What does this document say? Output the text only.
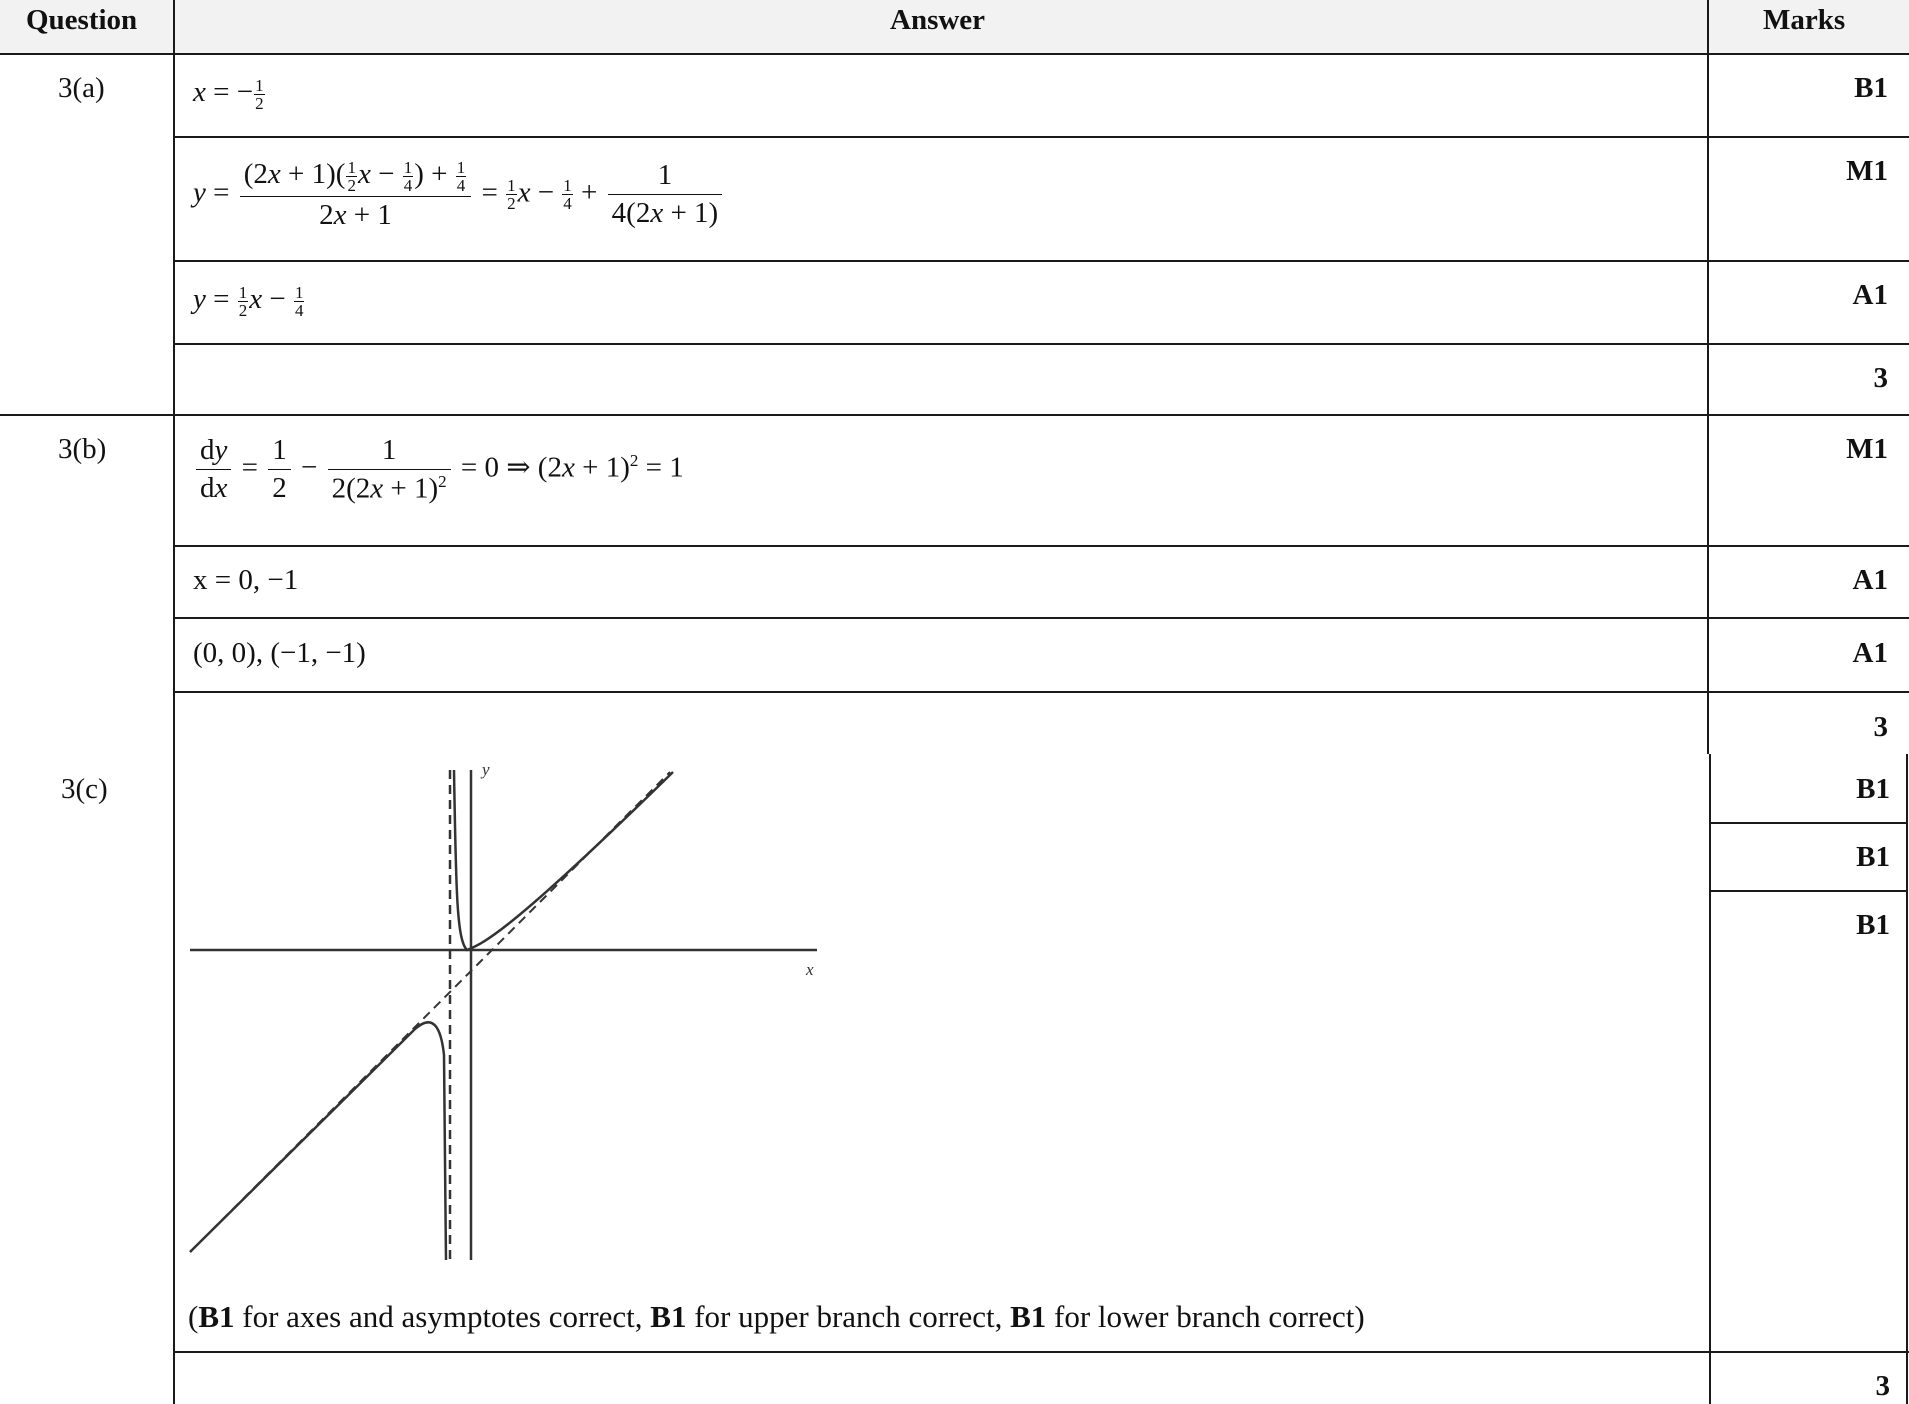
Question	Answer	Marks
3(a)
3(b)
3(c)
B1
M1
A1
3
M1
A1
A1
3
B1
B1
B1
3
x = − $\frac{1}{2}$
$y = \frac{(2x + 1)( \frac{1}{2} x - \frac{1}{4} ) + \frac{1}{4}}{2x + 1} = \frac{1}{2}$ $x - \frac{1}{4} + \frac{1}{4(2x + 1)}$
$y = \frac{1}{2}$ $x - \frac{1}{4}$
$\frac{dy}{dx} = \frac{1}{2} - \frac{1}{2(2x + 1)^2} = 0$ ⇒ $(2x + 1)^2 = 1$
x = 0, −1
(0, 0), (−1, −1)
y
x
(B1 for axes and asymptotes correct, B1 for upper branch correct, B1 for lower branch correct)
